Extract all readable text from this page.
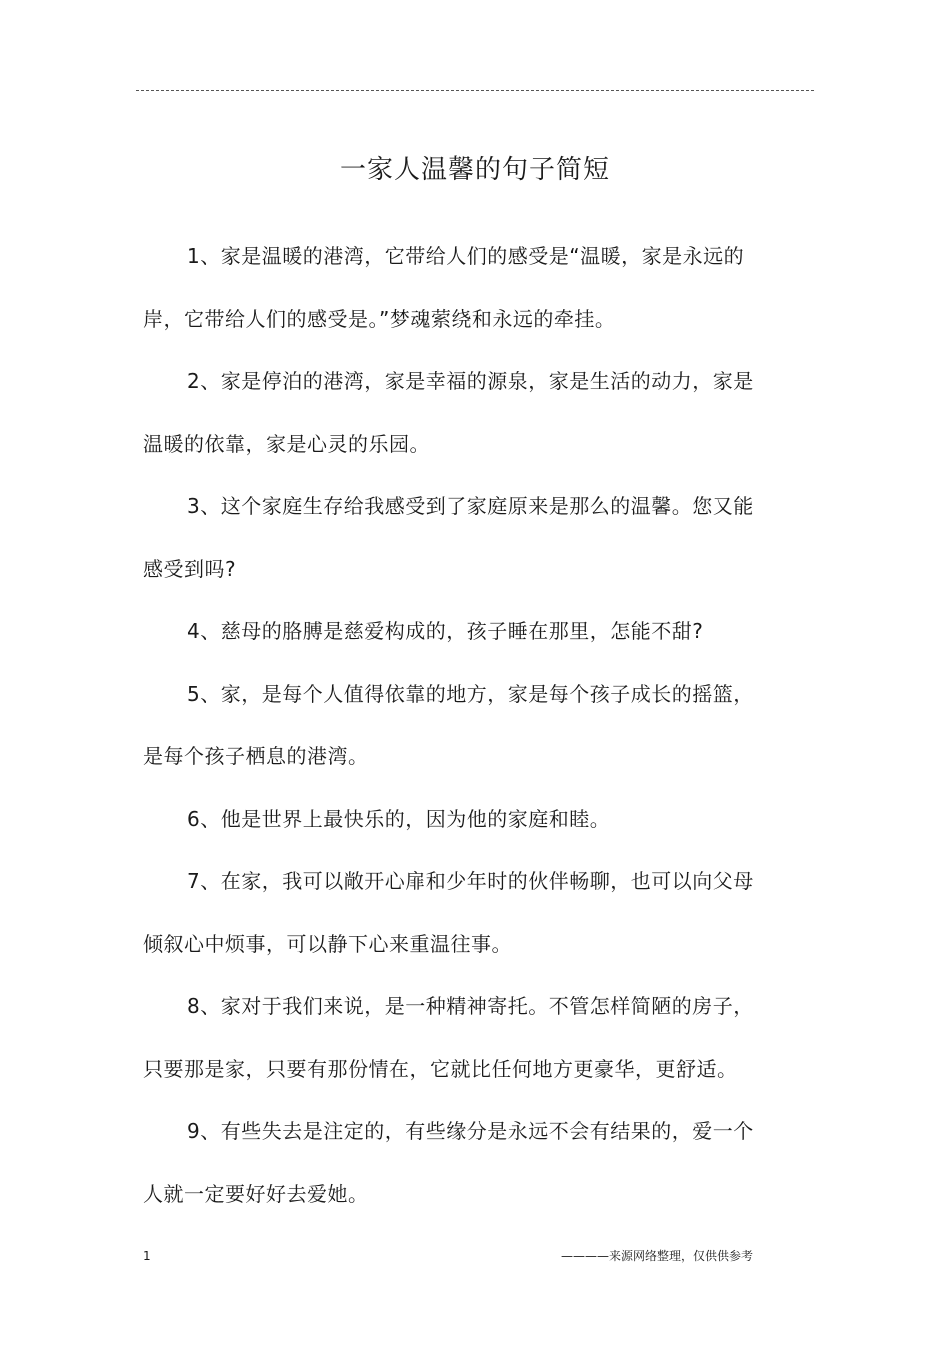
一家人温馨的句子简短

1、家是温暖的港湾，它带给人们的感受是“温暖，家是永远的岸，它带给人们的感受是。”梦魂萦绕和永远的牵挂。

2、家是停泊的港湾，家是幸福的源泉，家是生活的动力，家是温暖的依靠，家是心灵的乐园。

3、这个家庭生存给我感受到了家庭原来是那么的温馨。您又能感受到吗?

4、慈母的胳膊是慈爱构成的，孩子睡在那里，怎能不甜?

5、家，是每个人值得依靠的地方，家是每个孩子成长的摇篮，是每个孩子栖息的港湾。

6、他是世界上最快乐的，因为他的家庭和睦。

7、在家，我可以敞开心扉和少年时的伙伴畅聊，也可以向父母倾叙心中烦事，可以静下心来重温往事。

8、家对于我们来说，是一种精神寄托。不管怎样简陋的房子，只要那是家，只要有那份情在，它就比任何地方更豪华，更舒适。

9、有些失去是注定的，有些缘分是永远不会有结果的，爱一个人就一定要好好去爱她。

1	————来源网络整理，仅供供参考
